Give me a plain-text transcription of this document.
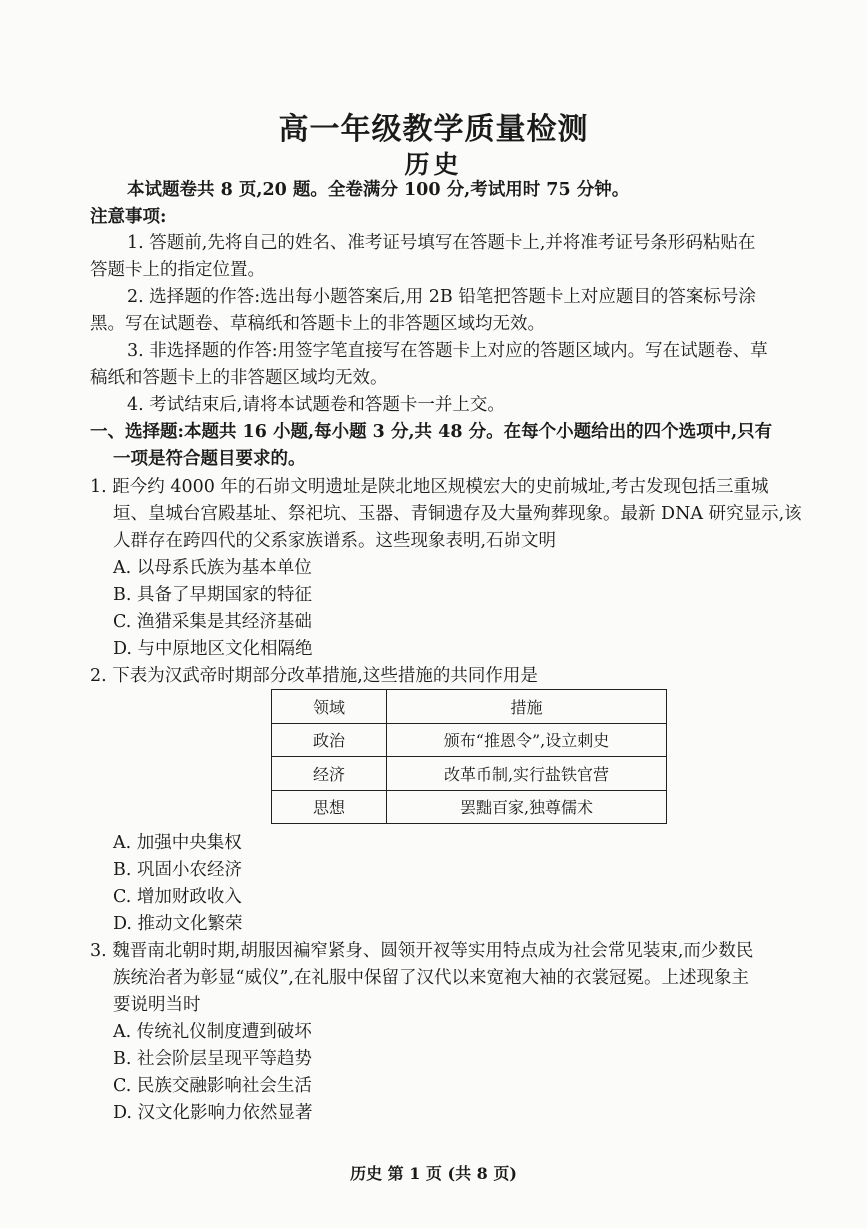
高一年级教学质量检测
历史
本试题卷共 8 页,20 题。全卷满分 100 分,考试用时 75 分钟。
注意事项:
1. 答题前,先将自己的姓名、准考证号填写在答题卡上,并将准考证号条形码粘贴在
答题卡上的指定位置。
2. 选择题的作答:选出每小题答案后,用 2B 铅笔把答题卡上对应题目的答案标号涂
黑。写在试题卷、草稿纸和答题卡上的非答题区域均无效。
3. 非选择题的作答:用签字笔直接写在答题卡上对应的答题区域内。写在试题卷、草
稿纸和答题卡上的非答题区域均无效。
4. 考试结束后,请将本试题卷和答题卡一并上交。
一、选择题:本题共 16 小题,每小题 3 分,共 48 分。在每个小题给出的四个选项中,只有
一项是符合题目要求的。
1. 距今约 4000 年的石峁文明遗址是陕北地区规模宏大的史前城址,考古发现包括三重城
垣、皇城台宫殿基址、祭祀坑、玉器、青铜遗存及大量殉葬现象。最新 DNA 研究显示,该
人群存在跨四代的父系家族谱系。这些现象表明,石峁文明
A. 以母系氏族为基本单位
B. 具备了早期国家的特征
C. 渔猎采集是其经济基础
D. 与中原地区文化相隔绝
2. 下表为汉武帝时期部分改革措施,这些措施的共同作用是
领域	措施
政治	颁布“推恩令”,设立刺史
经济	改革币制,实行盐铁官营
思想	罢黜百家,独尊儒术
A. 加强中央集权
B. 巩固小农经济
C. 增加财政收入
D. 推动文化繁荣
3. 魏晋南北朝时期,胡服因褊窄紧身、圆领开衩等实用特点成为社会常见装束,而少数民
族统治者为彰显“威仪”,在礼服中保留了汉代以来宽袍大袖的衣裳冠冕。上述现象主
要说明当时
A. 传统礼仪制度遭到破坏
B. 社会阶层呈现平等趋势
C. 民族交融影响社会生活
D. 汉文化影响力依然显著
历史 第 1 页 (共 8 页)
